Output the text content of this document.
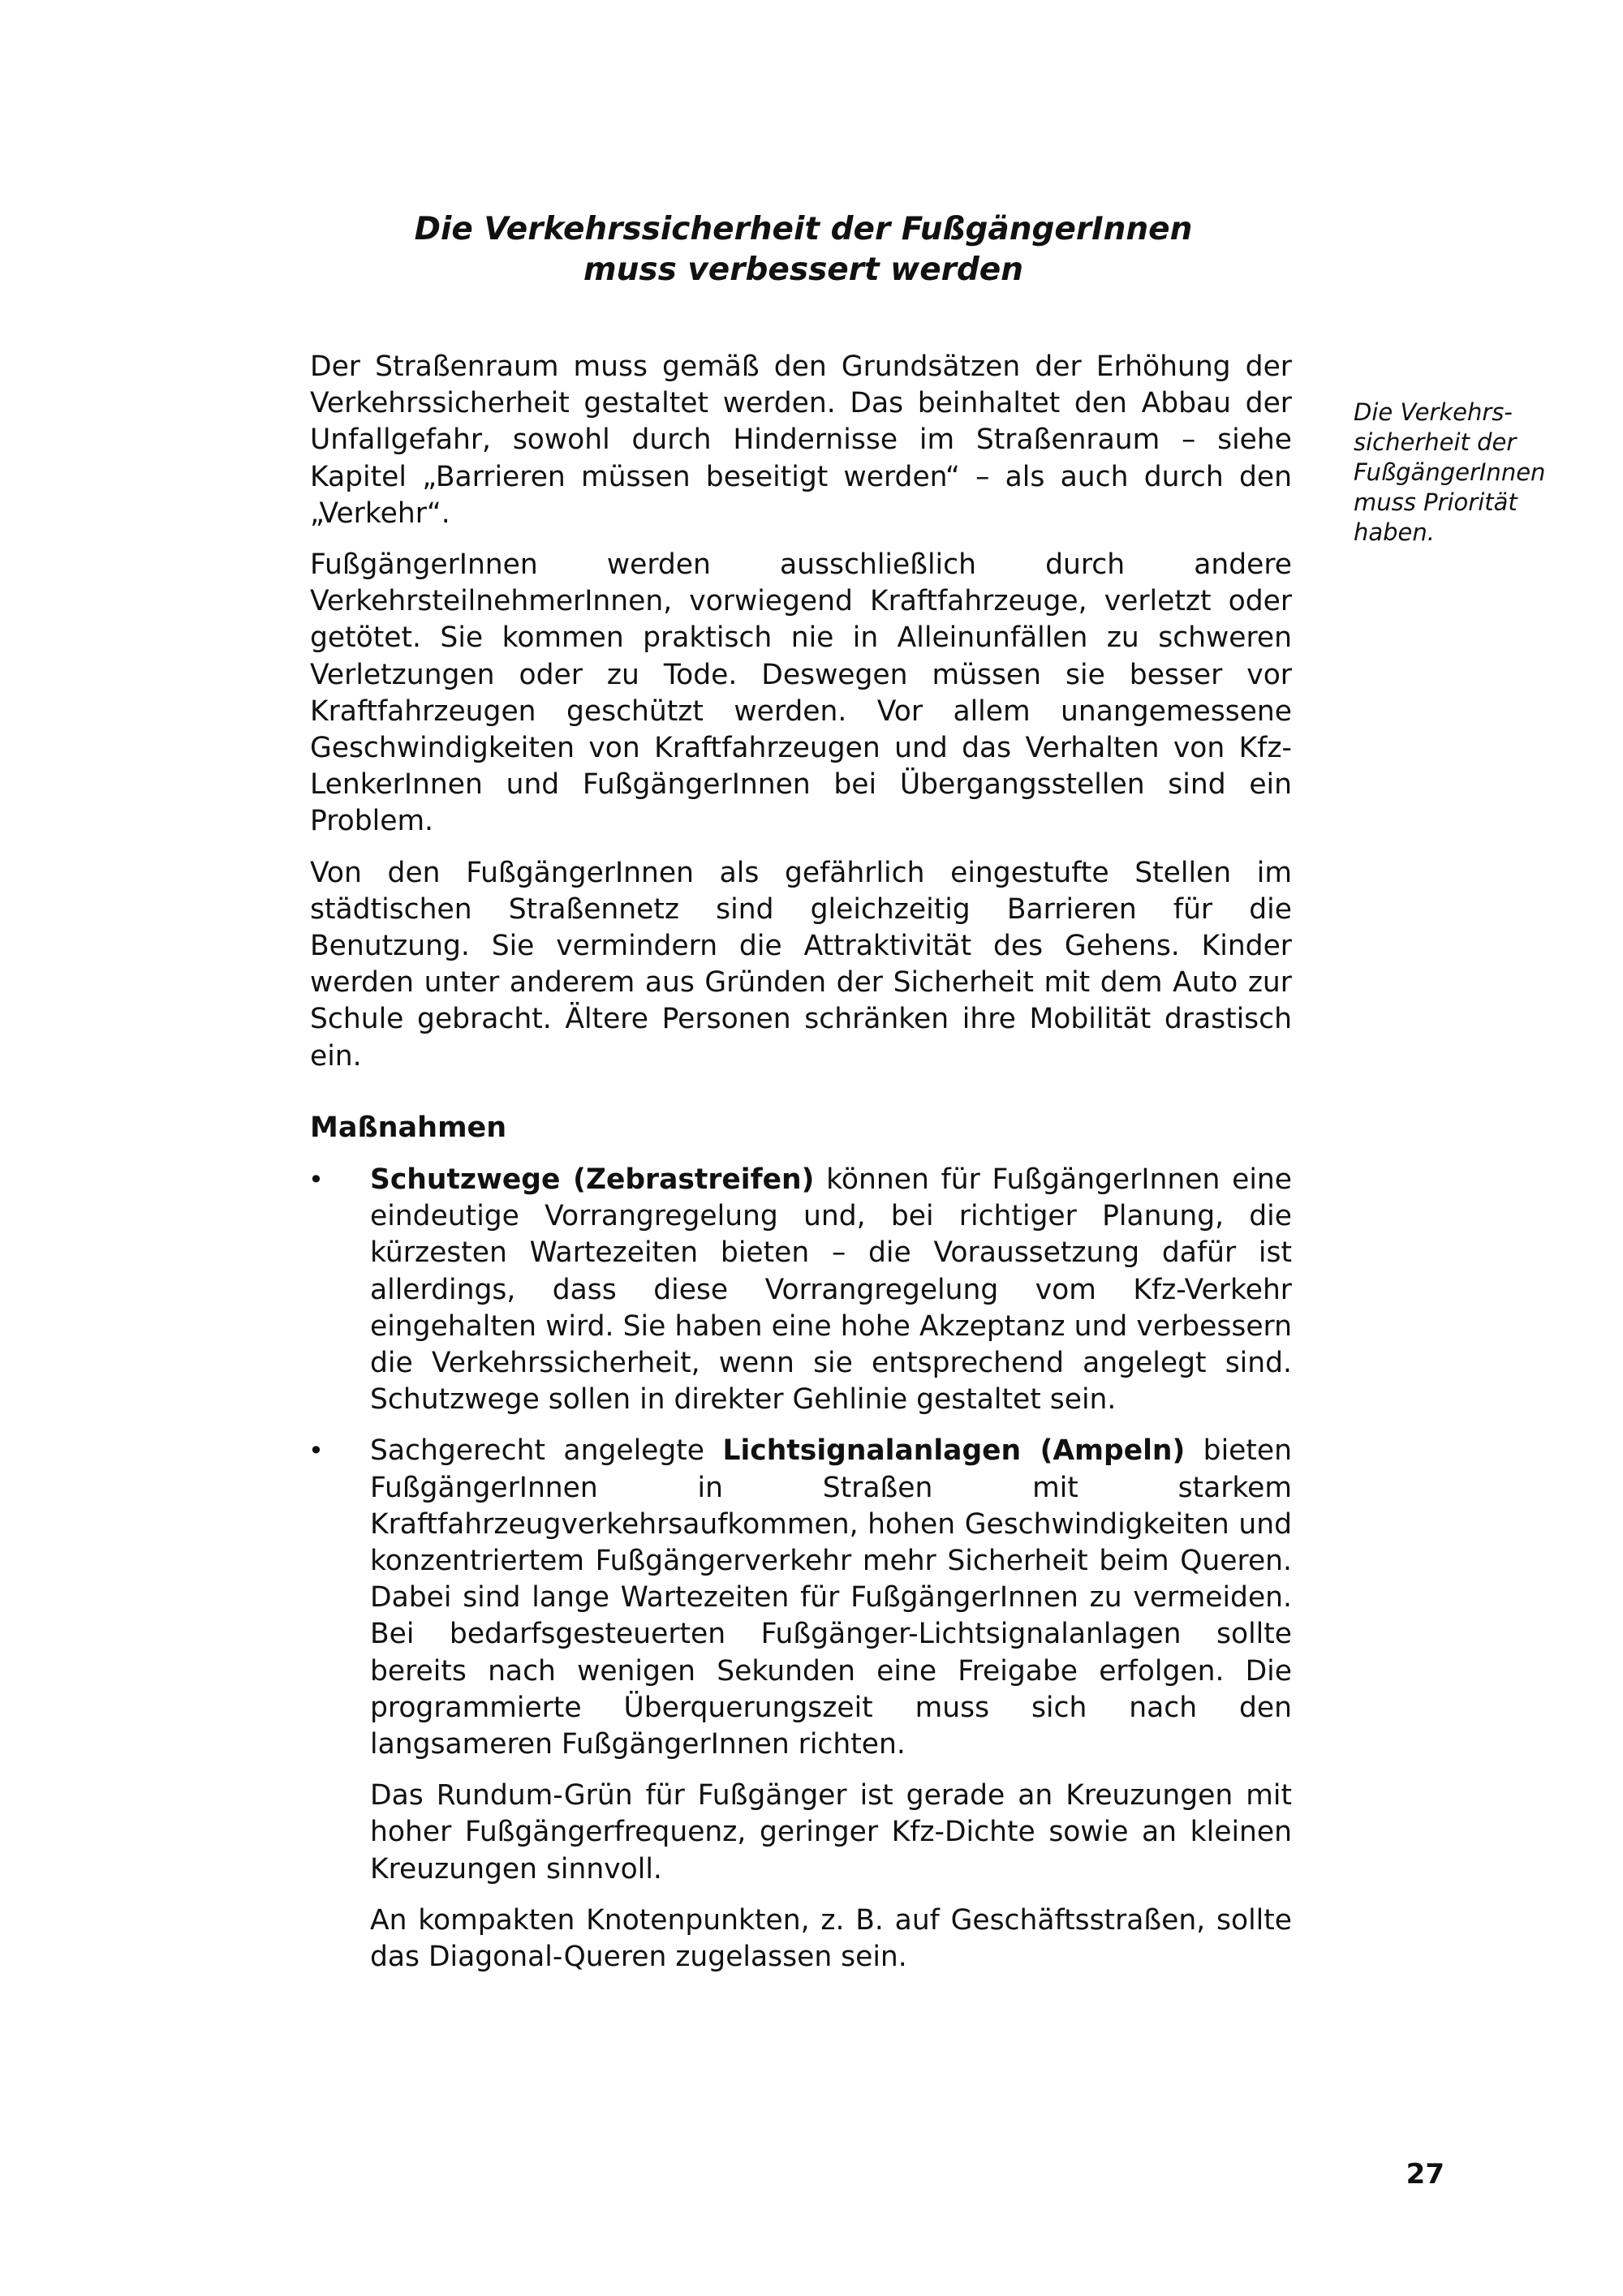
Die Verkehrssicherheit der FußgängerInnen
muss verbessert werden

Der Straßenraum muss gemäß den Grundsätzen der Erhöhung der Verkehrssicherheit gestaltet werden. Das beinhaltet den Abbau der Unfallgefahr, sowohl durch Hindernisse im Straßenraum – siehe Kapitel „Barrieren müssen beseitigt werden“ – als auch durch den „Verkehr“.

FußgängerInnen werden ausschließlich durch andere VerkehrsteilnehmerInnen, vorwiegend Kraftfahrzeuge, verletzt oder getötet. Sie kommen praktisch nie in Alleinunfällen zu schweren Verletzungen oder zu Tode. Deswegen müssen sie besser vor Kraftfahrzeugen geschützt werden. Vor allem unangemessene Geschwindigkeiten von Kraftfahrzeugen und das Verhalten von Kfz-LenkerInnen und FußgängerInnen bei Übergangsstellen sind ein Problem.

Von den FußgängerInnen als gefährlich eingestufte Stellen im städtischen Straßennetz sind gleichzeitig Barrieren für die Benutzung. Sie vermindern die Attraktivität des Gehens. Kinder werden unter anderem aus Gründen der Sicherheit mit dem Auto zur Schule gebracht. Ältere Personen schränken ihre Mobilität drastisch ein.

Maßnahmen
• Schutzwege (Zebrastreifen) können für FußgängerInnen eine eindeutige Vorrangregelung und, bei richtiger Planung, die kürzesten Wartezeiten bieten – die Voraussetzung dafür ist allerdings, dass diese Vorrangregelung vom Kfz-Verkehr eingehalten wird. Sie haben eine hohe Akzeptanz und verbessern die Verkehrssicherheit, wenn sie entsprechend angelegt sind. Schutzwege sollen in direkter Gehlinie gestaltet sein.

• Sachgerecht angelegte Lichtsignalanlagen (Ampeln) bieten FußgängerInnen in Straßen mit starkem Kraftfahrzeugverkehrsaufkommen, hohen Geschwindigkeiten und konzentriertem Fußgängerverkehr mehr Sicherheit beim Queren. Dabei sind lange Wartezeiten für FußgängerInnen zu vermeiden. Bei bedarfsgesteuerten Fußgänger-Lichtsignalanlagen sollte bereits nach wenigen Sekunden eine Freigabe erfolgen. Die programmierte Überquerungszeit muss sich nach den langsameren FußgängerInnen richten.

Das Rundum-Grün für Fußgänger ist gerade an Kreuzungen mit hoher Fußgängerfrequenz, geringer Kfz-Dichte sowie an kleinen Kreuzungen sinnvoll.

An kompakten Knotenpunkten, z. B. auf Geschäftsstraßen, sollte das Diagonal-Queren zugelassen sein.

Die Verkehrs-
sicherheit der
FußgängerInnen
muss Priorität
haben.
27
